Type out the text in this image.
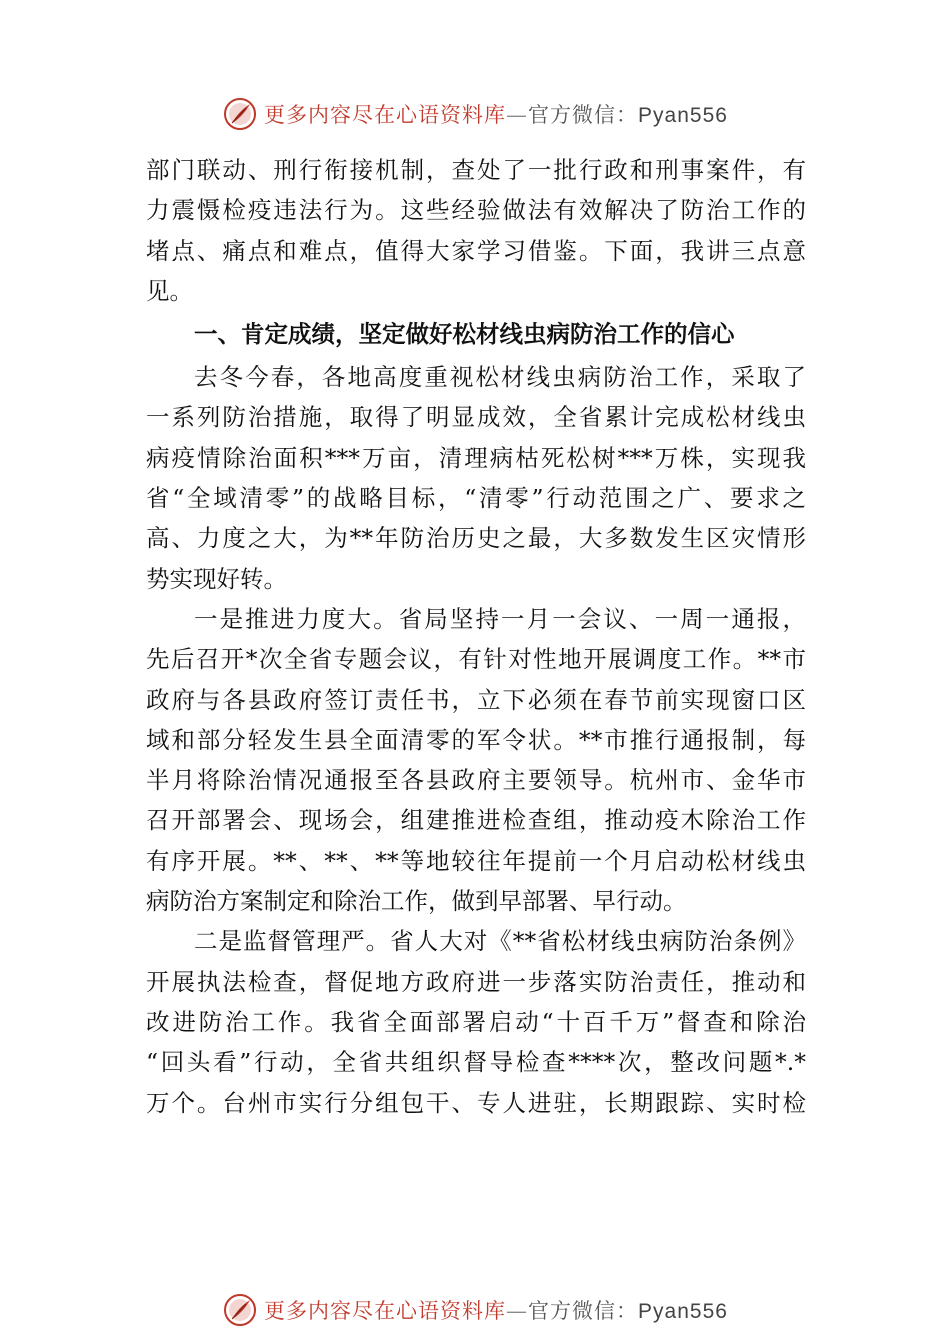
更多内容尽在心语资料库—官方微信：Pyan556
部门联动、刑行衔接机制，查处了一批行政和刑事案件，有
力震慑检疫违法行为。这些经验做法有效解决了防治工作的
堵点、痛点和难点，值得大家学习借鉴。下面，我讲三点意
见。
一、肯定成绩，坚定做好松材线虫病防治工作的信心
去冬今春，各地高度重视松材线虫病防治工作，采取了
一系列防治措施，取得了明显成效，全省累计完成松材线虫
病疫情除治面积***万亩，清理病枯死松树***万株，实现我
省“全域清零”的战略目标，“清零”行动范围之广、要求之
高、力度之大，为**年防治历史之最，大多数发生区灾情形
势实现好转。
一是推进力度大。省局坚持一月一会议、一周一通报，
先后召开*次全省专题会议，有针对性地开展调度工作。**市
政府与各县政府签订责任书，立下必须在春节前实现窗口区
域和部分轻发生县全面清零的军令状。**市推行通报制，每
半月将除治情况通报至各县政府主要领导。杭州市、金华市
召开部署会、现场会，组建推进检查组，推动疫木除治工作
有序开展。**、**、**等地较往年提前一个月启动松材线虫
病防治方案制定和除治工作，做到早部署、早行动。
二是监督管理严。省人大对《**省松材线虫病防治条例》
开展执法检查，督促地方政府进一步落实防治责任，推动和
改进防治工作。我省全面部署启动“十百千万”督查和除治
“回头看”行动，全省共组织督导检查****次，整改问题*.*
万个。台州市实行分组包干、专人进驻，长期跟踪、实时检
更多内容尽在心语资料库—官方微信：Pyan556
